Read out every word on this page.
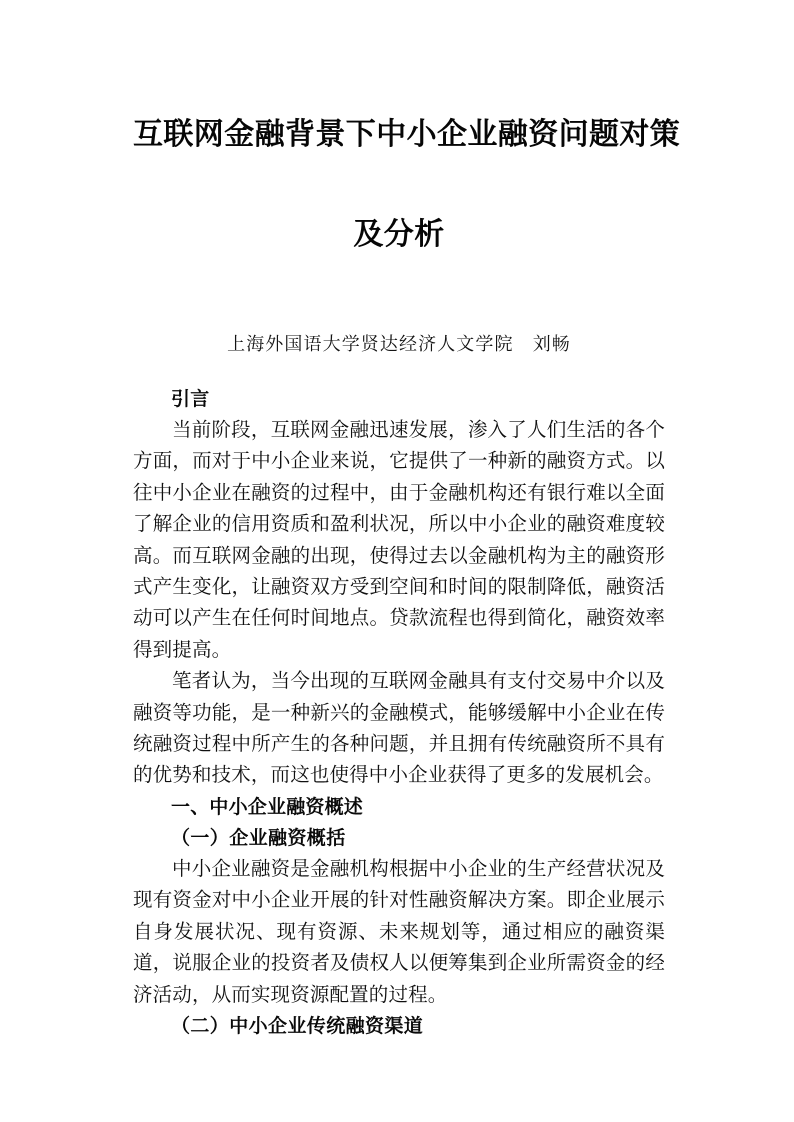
互联网金融背景下中小企业融资问题对策
及分析

上海外国语大学贤达经济人文学院　刘畅

引言

当前阶段，互联网金融迅速发展，渗入了人们生活的各个方面，而对于中小企业来说，它提供了一种新的融资方式。以往中小企业在融资的过程中，由于金融机构还有银行难以全面了解企业的信用资质和盈利状况，所以中小企业的融资难度较高。而互联网金融的出现，使得过去以金融机构为主的融资形式产生变化，让融资双方受到空间和时间的限制降低，融资活动可以产生在任何时间地点。贷款流程也得到简化，融资效率得到提高。

笔者认为，当今出现的互联网金融具有支付交易中介以及融资等功能，是一种新兴的金融模式，能够缓解中小企业在传统融资过程中所产生的各种问题，并且拥有传统融资所不具有的优势和技术，而这也使得中小企业获得了更多的发展机会。

一、中小企业融资概述
（一）企业融资概括

中小企业融资是金融机构根据中小企业的生产经营状况及现有资金对中小企业开展的针对性融资解决方案。即企业展示自身发展状况、现有资源、未来规划等，通过相应的融资渠道，说服企业的投资者及债权人以便筹集到企业所需资金的经济活动，从而实现资源配置的过程。

（二）中小企业传统融资渠道
